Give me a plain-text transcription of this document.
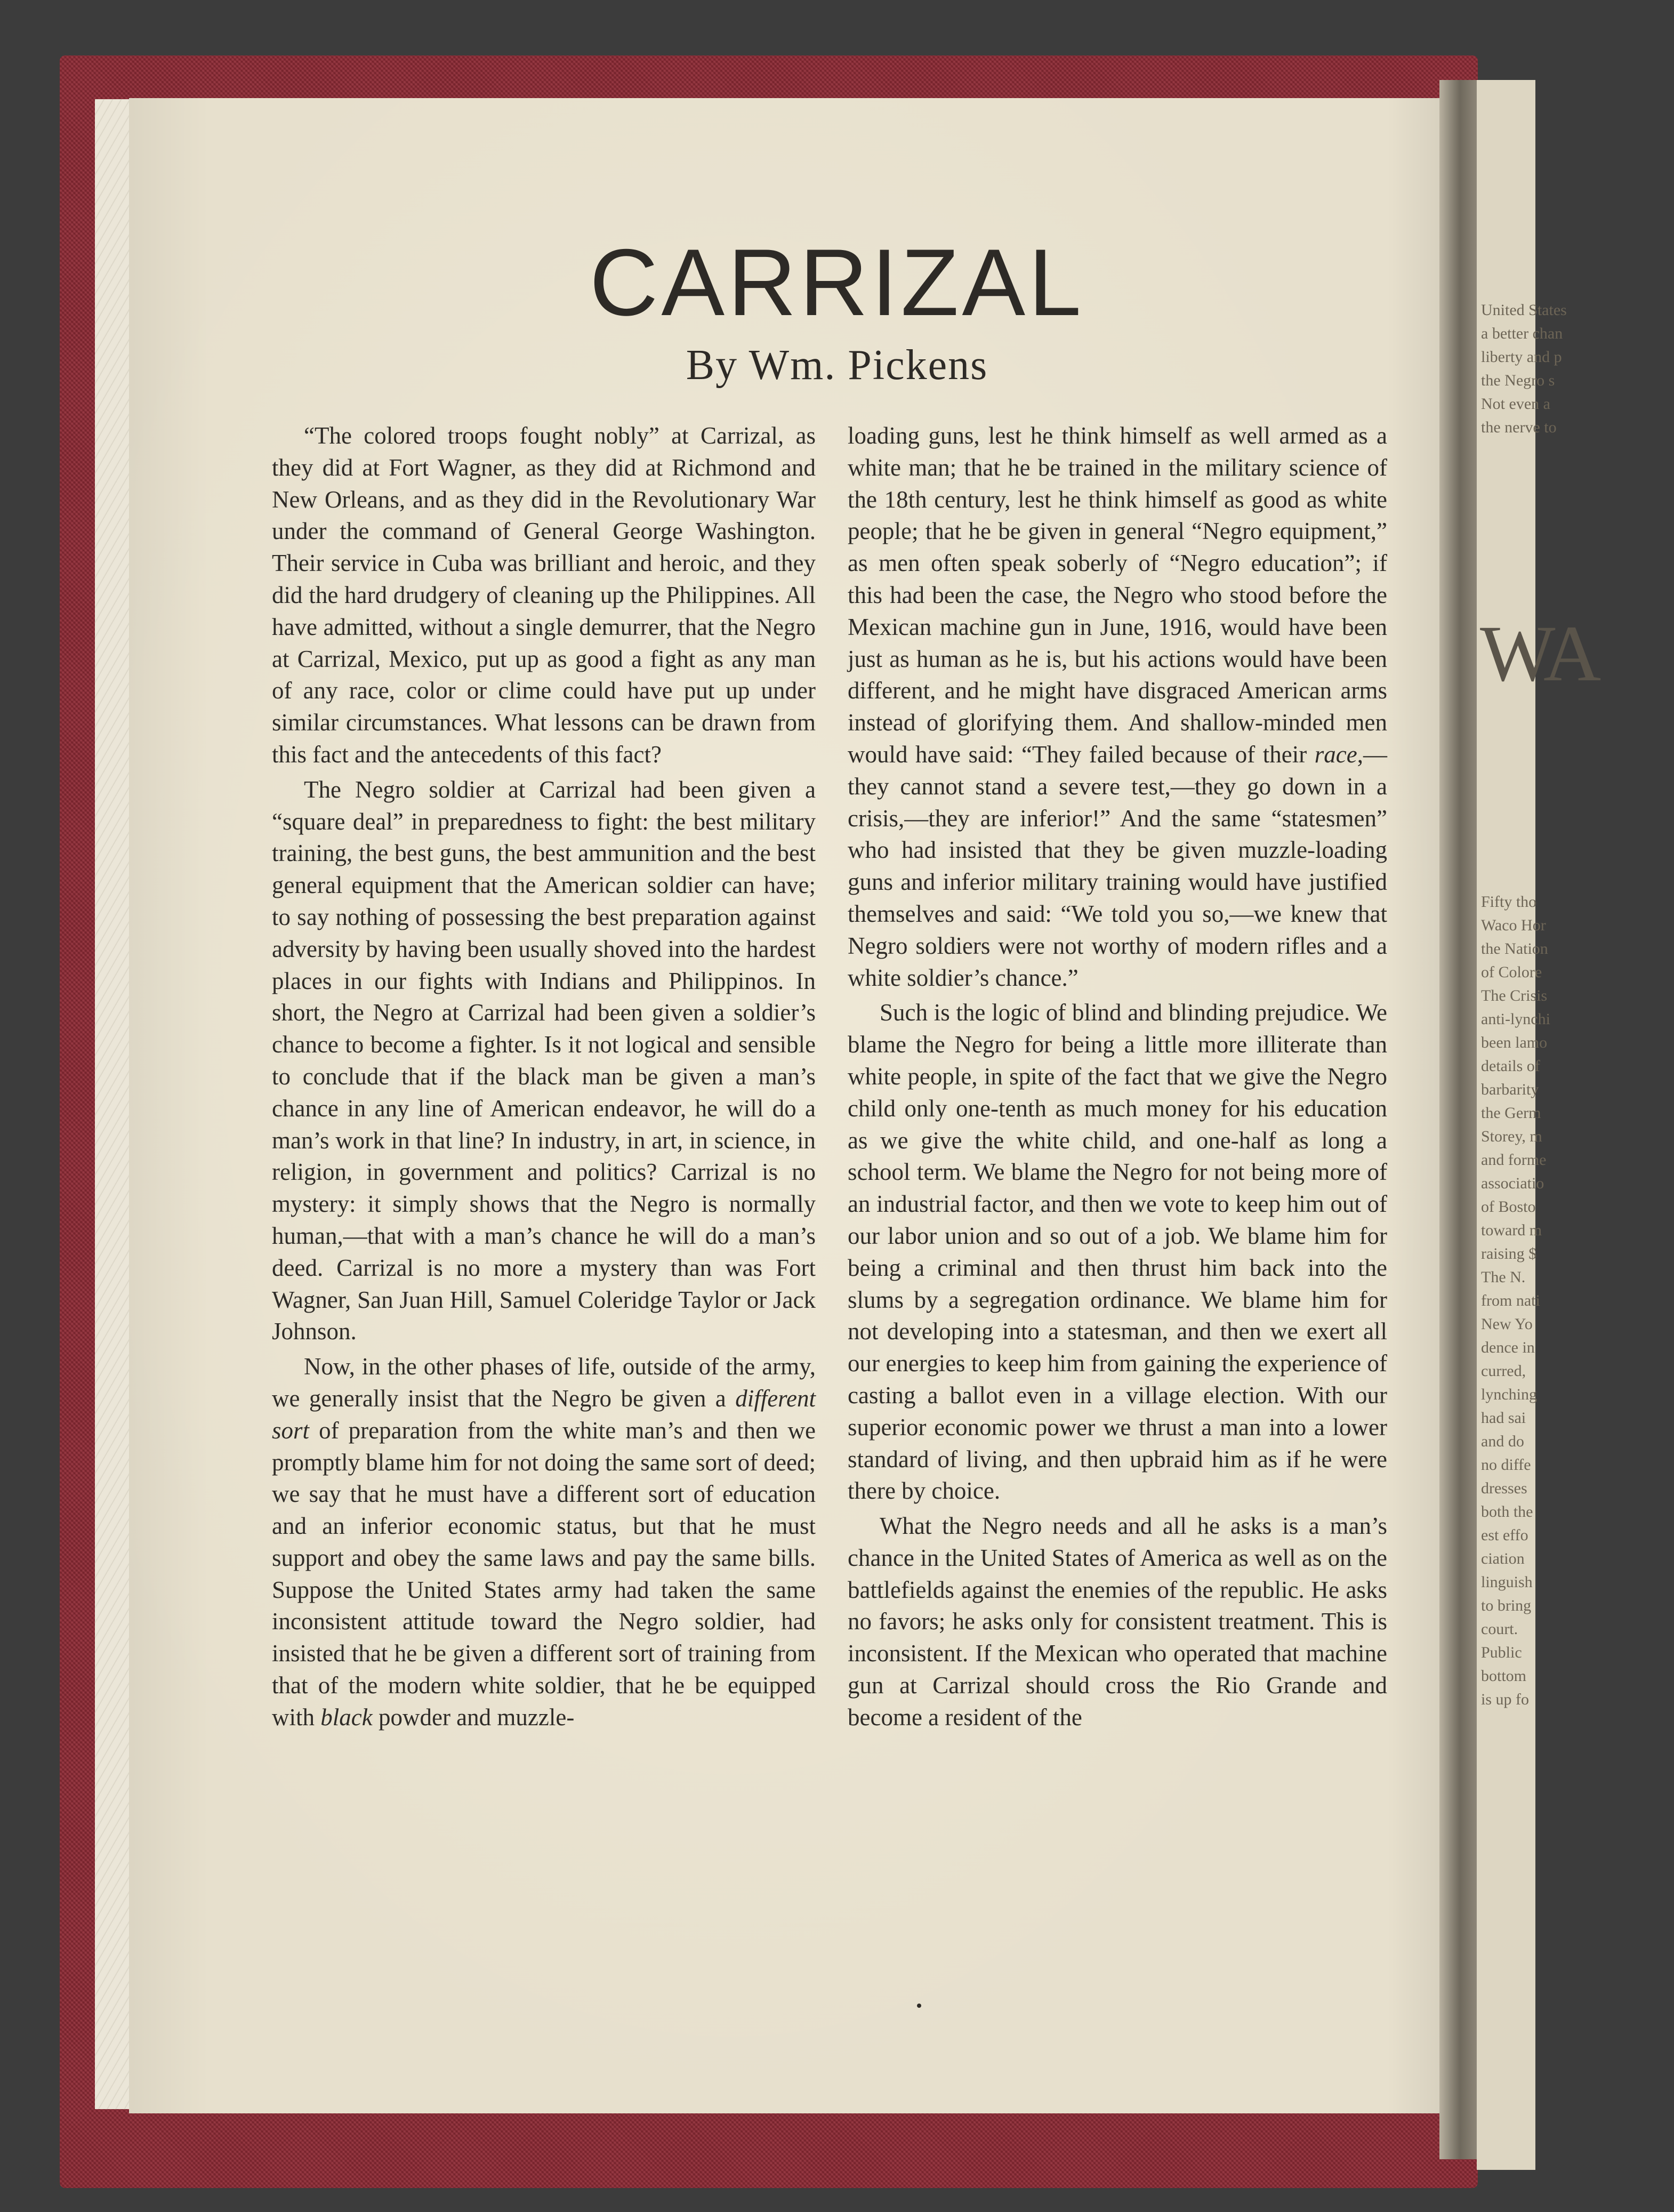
United States
a better chan
liberty and p
the Negro s
Not even a
the nerve to
WA
Fifty tho
Waco Hor
the Nation
of Colore
The Crisis
anti-lynchi
been lamo
details of
barbarity
the Germ
Storey, m
and forme
associatio
of Bosto
toward m
raising $
The N.
from nati
New Yo
dence in
curred,
lynching
had sai
and do
no diffe
dresses
both the
est effo
ciation
linguish
to bring
court.
Public
bottom
is up fo
CARRIZAL
By Wm. Pickens

“The colored troops fought nobly” at Carrizal, as they did at Fort Wagner, as they did at Richmond and New Orleans, and as they did in the Revolutionary War under the command of General George Washington. Their service in Cuba was brilliant and heroic, and they did the hard drudgery of cleaning up the Philippines. All have admitted, without a single demurrer, that the Negro at Carrizal, Mexico, put up as good a fight as any man of any race, color or clime could have put up under similar circumstances. What lessons can be drawn from this fact and the antecedents of this fact?

The Negro soldier at Carrizal had been given a “square deal” in preparedness to fight: the best military training, the best guns, the best ammunition and the best general equipment that the American soldier can have; to say nothing of possessing the best preparation against adversity by having been usually shoved into the hardest places in our fights with Indians and Philippinos. In short, the Negro at Carrizal had been given a soldier’s chance to become a fighter. Is it not logical and sensible to conclude that if the black man be given a man’s chance in any line of American endeavor, he will do a man’s work in that line? In industry, in art, in science, in religion, in government and politics? Carrizal is no mystery: it simply shows that the Negro is normally human,—that with a man’s chance he will do a man’s deed. Carrizal is no more a mystery than was Fort Wagner, San Juan Hill, Samuel Coleridge Taylor or Jack Johnson.

Now, in the other phases of life, outside of the army, we generally insist that the Negro be given a different sort of preparation from the white man’s and then we promptly blame him for not doing the same sort of deed; we say that he must have a different sort of education and an inferior economic status, but that he must support and obey the same laws and pay the same bills. Suppose the United States army had taken the same inconsistent attitude toward the Negro soldier, had insisted that he be given a different sort of training from that of the modern white soldier, that he be equipped with black powder and muzzle-

loading guns, lest he think himself as well armed as a white man; that he be trained in the military science of the 18th century, lest he think himself as good as white people; that he be given in general “Negro equipment,” as men often speak soberly of “Negro education”; if this had been the case, the Negro who stood before the Mexican machine gun in June, 1916, would have been just as human as he is, but his actions would have been different, and he might have disgraced American arms instead of glorifying them. And shallow-minded men would have said: “They failed because of their race,—they cannot stand a severe test,—they go down in a crisis,—they are inferior!” And the same “statesmen” who had insisted that they be given muzzle-loading guns and inferior military training would have justified themselves and said: “We told you so,—we knew that Negro soldiers were not worthy of modern rifles and a white soldier’s chance.”

Such is the logic of blind and blinding prejudice. We blame the Negro for being a little more illiterate than white people, in spite of the fact that we give the Negro child only one-tenth as much money for his education as we give the white child, and one-half as long a school term. We blame the Negro for not being more of an industrial factor, and then we vote to keep him out of our labor union and so out of a job. We blame him for being a criminal and then thrust him back into the slums by a segregation ordinance. We blame him for not developing into a statesman, and then we exert all our energies to keep him from gaining the experience of casting a ballot even in a village election. With our superior economic power we thrust a man into a lower standard of living, and then upbraid him as if he were there by choice.

What the Negro needs and all he asks is a man’s chance in the United States of America as well as on the battlefields against the enemies of the republic. He asks no favors; he asks only for consistent treatment. This is inconsistent. If the Mexican who operated that machine gun at Carrizal should cross the Rio Grande and become a resident of the
